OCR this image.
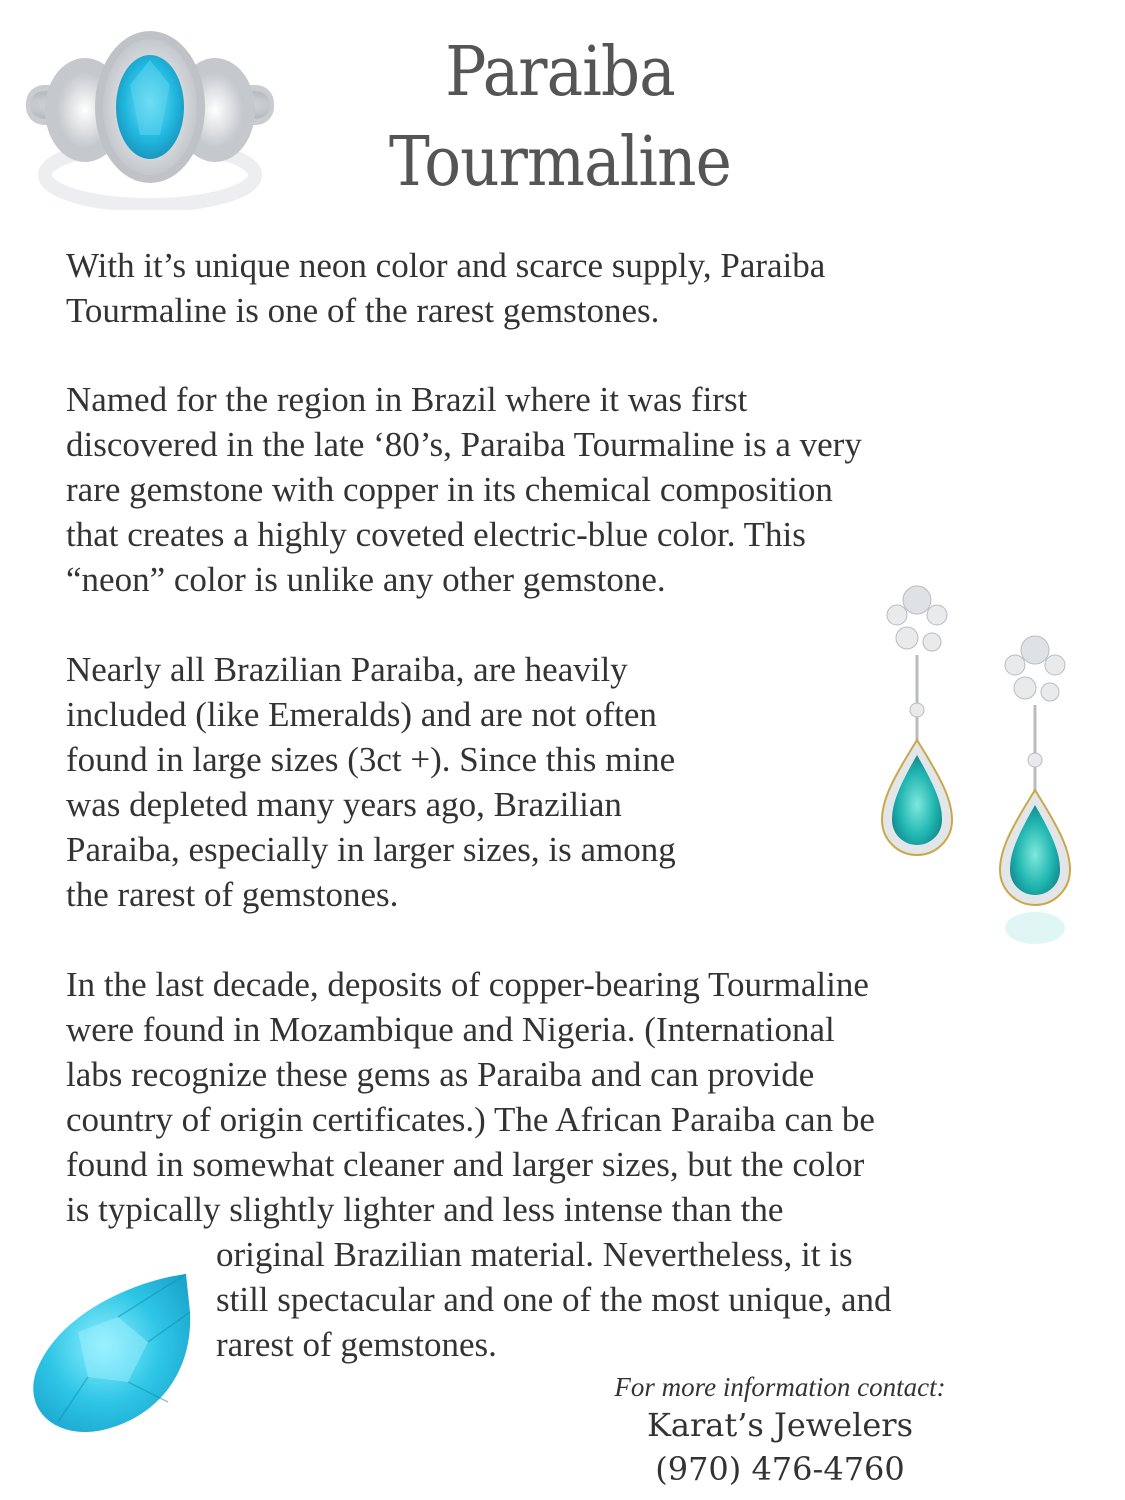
Paraiba
Tourmaline
With it’s unique neon color and scarce supply, Paraiba
Tourmaline is one of the rarest gemstones.
Named for the region in Brazil where it was first
discovered in the late ‘80’s, Paraiba Tourmaline is a very
rare gemstone with copper in its chemical composition
that creates a highly coveted electric-blue color. This
“neon” color is unlike any other gemstone.
Nearly all Brazilian Paraiba, are heavily
included (like Emeralds) and are not often
found in large sizes (3ct +). Since this mine
was depleted many years ago, Brazilian
Paraiba, especially in larger sizes, is among
the rarest of gemstones.
In the last decade, deposits of copper-bearing Tourmaline
were found in Mozambique and Nigeria. (International
labs recognize these gems as Paraiba and can provide
country of origin certificates.) The African Paraiba can be
found in somewhat cleaner and larger sizes, but the color
is typically slightly lighter and less intense than the
original Brazilian material. Nevertheless, it is
still spectacular and one of the most unique, and
rarest of gemstones.
For more information contact:
Karat’s Jewelers
(970) 476-4760
